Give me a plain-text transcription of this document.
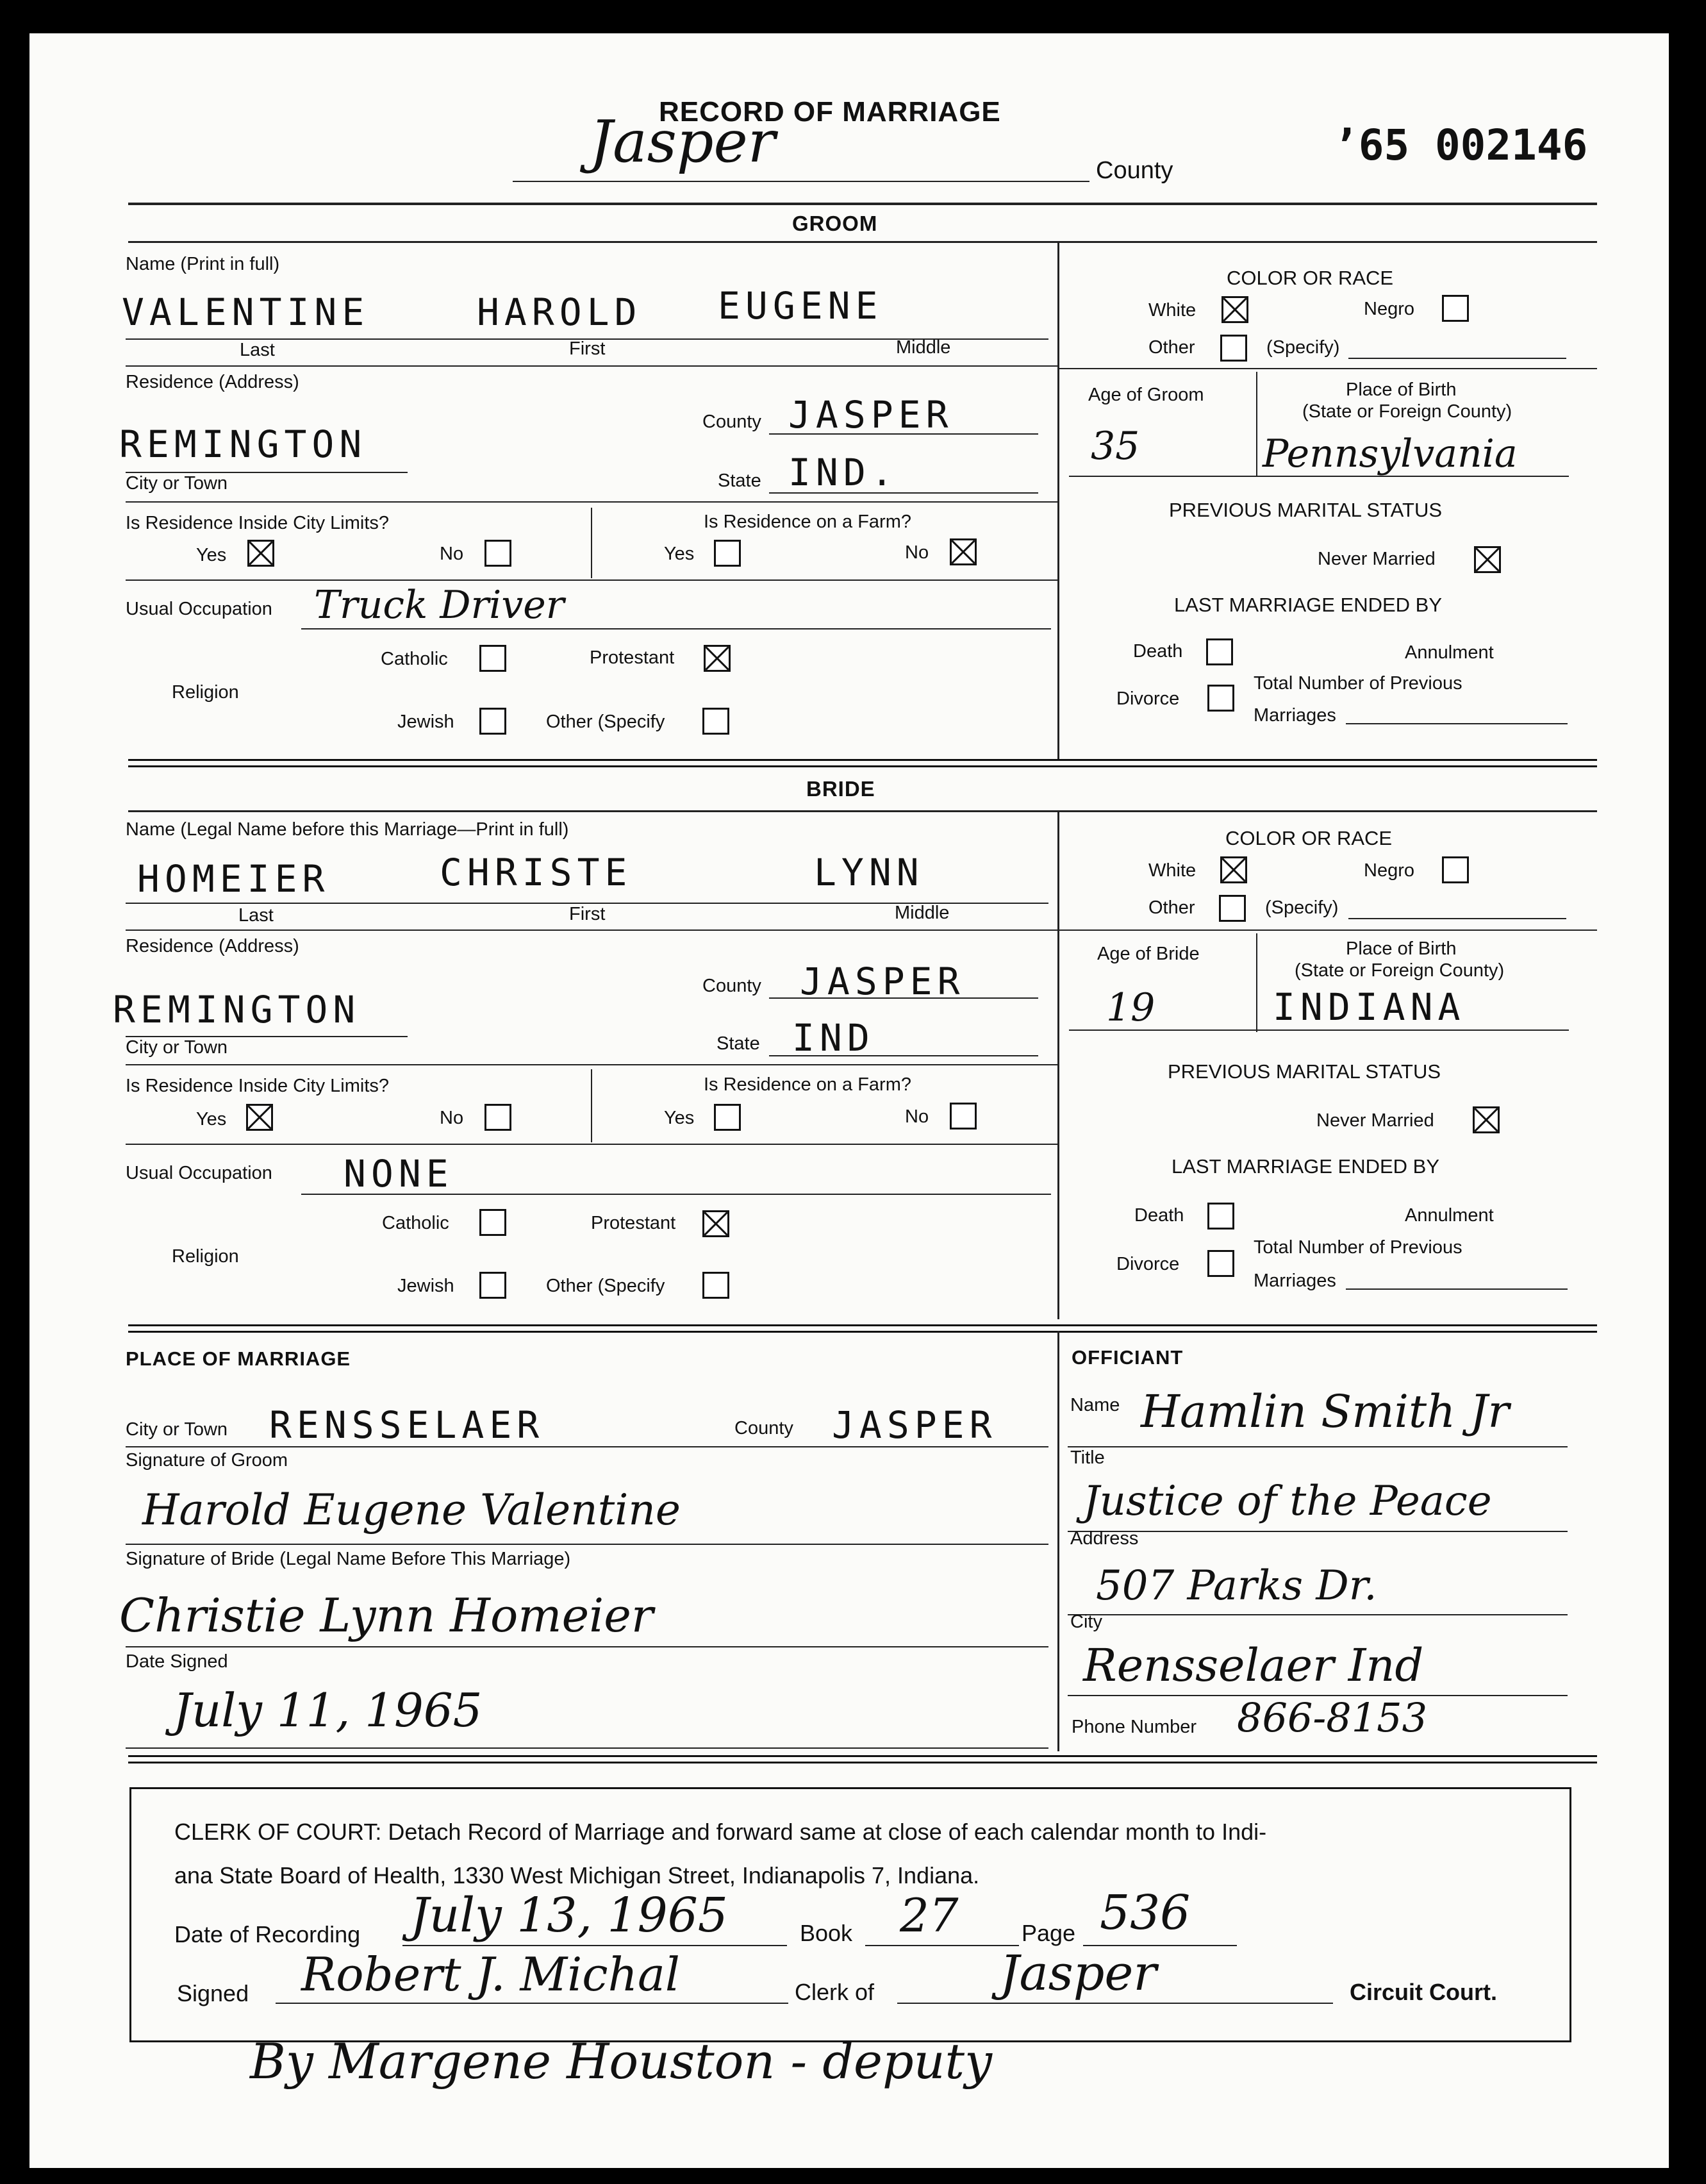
RECORD OF MARRIAGE
Jasper	County
’65 002146
GROOM
Name (Print in full)
VALENTINE	HAROLD EUGENE
Last	First	Middle
Residence (Address)
REMINGTON
City or Town
County JASPER
State IND.
Is Residence Inside City Limits?
Yes	No
Is Residence on a Farm?
Yes	No
Usual Occupation Truck Driver
Catholic	Protestant
Religion
Jewish	Other (Specify
COLOR OR RACE
White	Negro
Other	(Specify)
Age of Groom	Place of Birth
(State or Foreign County)
35	Pennsylvania
PREVIOUS MARITAL STATUS
Never Married
LAST MARRIAGE ENDED BY
Death	Annulment
Divorce
Total Number of Previous
Marriages
BRIDE
Name (Legal Name before this Marriage—Print in full)
HOMEIER	CHRISTE	LYNN
Last	First	Middle
Residence (Address)
REMINGTON
City or Town
County JASPER
State IND
Is Residence Inside City Limits?
Yes	No
Is Residence on a Farm?
Yes	No
Usual Occupation NONE
Catholic	Protestant
Religion
Jewish	Other (Specify
COLOR OR RACE
White	Negro
Other	(Specify)
Age of Bride	Place of Birth
(State or Foreign County)
19	INDIANA
PREVIOUS MARITAL STATUS
Never Married
LAST MARRIAGE ENDED BY
Death	Annulment
Divorce
Total Number of Previous
Marriages
PLACE OF MARRIAGE
City or Town RENSSELAER	County JASPER
Signature of Groom
Harold Eugene Valentine
Signature of Bride (Legal Name Before This Marriage)
Christie Lynn Homeier
Date Signed
July 11, 1965
OFFICIANT
Name Hamlin Smith Jr
Title
Justice of the Peace
Address
507 Parks Dr.
City
Rensselaer Ind
Phone Number 866-8153
CLERK OF COURT: Detach Record of Marriage and forward same at close of each calendar month to Indi-
ana State Board of Health, 1330 West Michigan Street, Indianapolis 7, Indiana.
Date of Recording July 13, 1965	Book 27	Page 536
Signed Robert J. Michal	Clerk of	Jasper	Circuit Court.
By Margene Houston - deputy
